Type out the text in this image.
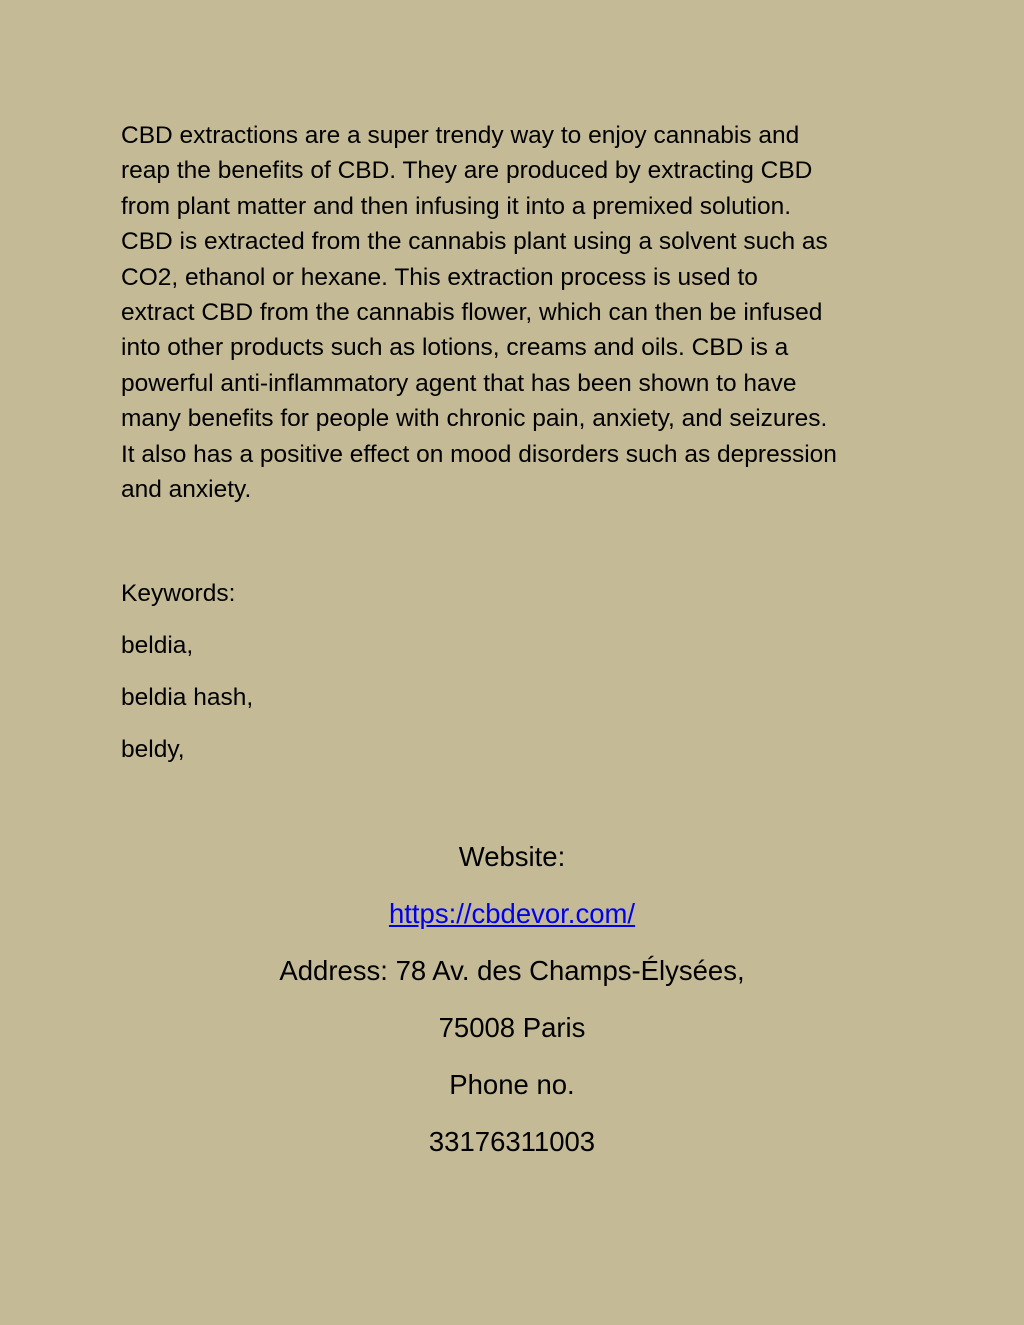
CBD extractions are a super trendy way to enjoy cannabis and
reap the benefits of CBD. They are produced by extracting CBD
from plant matter and then infusing it into a premixed solution.
CBD is extracted from the cannabis plant using a solvent such as
CO2, ethanol or hexane. This extraction process is used to
extract CBD from the cannabis flower, which can then be infused
into other products such as lotions, creams and oils. CBD is a
powerful anti-inflammatory agent that has been shown to have
many benefits for people with chronic pain, anxiety, and seizures.
It also has a positive effect on mood disorders such as depression
and anxiety.

Keywords:
beldia,
beldia hash,
beldy,
Website:
https://cbdevor.com/
Address: 78 Av. des Champs-Élysées,
75008 Paris
Phone no.
33176311003
